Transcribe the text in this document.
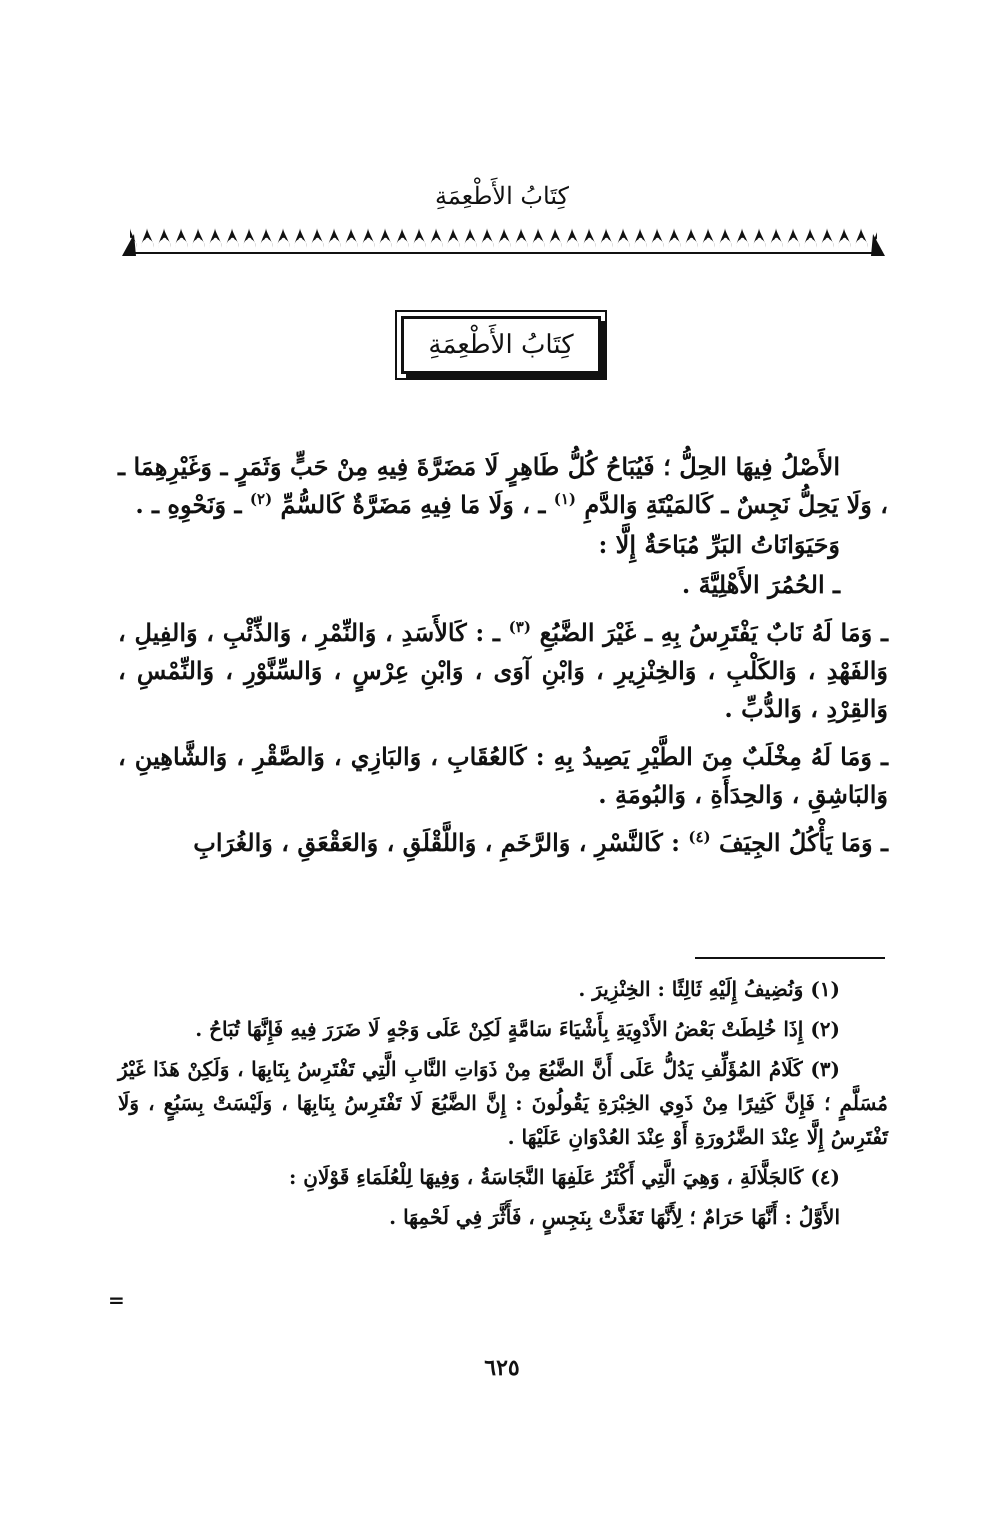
كِتَابُ الأَطْعِمَةِ
كِتَابُ الأَطْعِمَةِ

الأَصْلُ فِيهَا الحِلُّ ؛ فَيُبَاحُ كُلُّ طَاهِرٍ لَا مَضَرَّةَ فِيهِ مِنْ حَبٍّ وَثَمَرٍ ـ وَغَيْرِهِمَا ـ ، وَلَا يَحِلُّ نَجِسٌ ـ كَالمَيْتَةِ وَالدَّمِ $^{(١)}$ ـ ، وَلَا مَا فِيهِ مَضَرَّةٌ كَالسُّمِّ $^{(٢)}$ ـ وَنَحْوِهِ ـ .

وَحَيَوَانَاتُ البَرِّ مُبَاحَةٌ إِلَّا :

ـ الحُمُرَ الأَهْلِيَّةَ .

ـ وَمَا لَهُ نَابٌ يَفْتَرِسُ بِهِ ـ غَيْرَ الضَّبُعِ $^{(٣)}$ ـ : كَالأَسَدِ ، وَالنِّمْرِ ، وَالذِّئْبِ ، وَالفِيلِ ، وَالفَهْدِ ، وَالكَلْبِ ، وَالخِنْزِيرِ ، وَابْنِ آوَى ، وَابْنِ عِرْسٍ ، وَالسِّنَّوْرِ ، وَالنِّمْسِ ، وَالقِرْدِ ، وَالدُّبِّ .

ـ وَمَا لَهُ مِخْلَبٌ مِنَ الطَّيْرِ يَصِيدُ بِهِ : كَالعُقَابِ ، وَالبَازِي ، وَالصَّقْرِ ، وَالشَّاهِينِ ، وَالبَاشِقِ ، وَالحِدَأَةِ ، وَالبُومَةِ .

ـ وَمَا يَأْكُلُ الجِيَفَ $^{(٤)}$ : كَالنَّسْرِ ، وَالرَّخَمِ ، وَاللَّقْلَقِ ، وَالعَقْعَقِ ، وَالغُرَابِ

(١) وَنُضِيفُ إِلَيْهِ ثَالِثًا : الخِنْزِيرَ .

(٢) إِذَا خُلِطَتْ بَعْضُ الأَدْوِيَةِ بِأَشْيَاءَ سَامَّةٍ لَكِنْ عَلَى وَجْهٍ لَا ضَرَرَ فِيهِ فَإِنَّهَا تُبَاحُ .

(٣) كَلَامُ المُؤَلِّفِ يَدُلُّ عَلَى أَنَّ الضَّبُعَ مِنْ ذَوَاتِ النَّابِ الَّتِي تَفْتَرِسُ بِنَابِهَا ، وَلَكِنْ هَذَا غَيْرُ مُسَلَّمٍ ؛ فَإِنَّ كَثِيرًا مِنْ ذَوِي الخِبْرَةِ يَقُولُونَ : إِنَّ الضَّبُعَ لَا تَفْتَرِسُ بِنَابِهَا ، وَلَيْسَتْ بِسَبُعٍ ، وَلَا تَفْتَرِسُ إِلَّا عِنْدَ الضَّرُورَةِ أَوْ عِنْدَ العُدْوَانِ عَلَيْهَا .

(٤) كَالجَلَّالَةِ ، وَهِيَ الَّتِي أَكْثَرُ عَلَفِهَا النَّجَاسَةُ ، وَفِيهَا لِلْعُلَمَاءِ قَوْلَانِ :

الأَوَّلُ : أَنَّهَا حَرَامٌ ؛ لِأَنَّهَا تَغَذَّتْ بِنَجِسٍ ، فَأَثَّرَ فِي لَحْمِهَا .

=
٦٢٥
